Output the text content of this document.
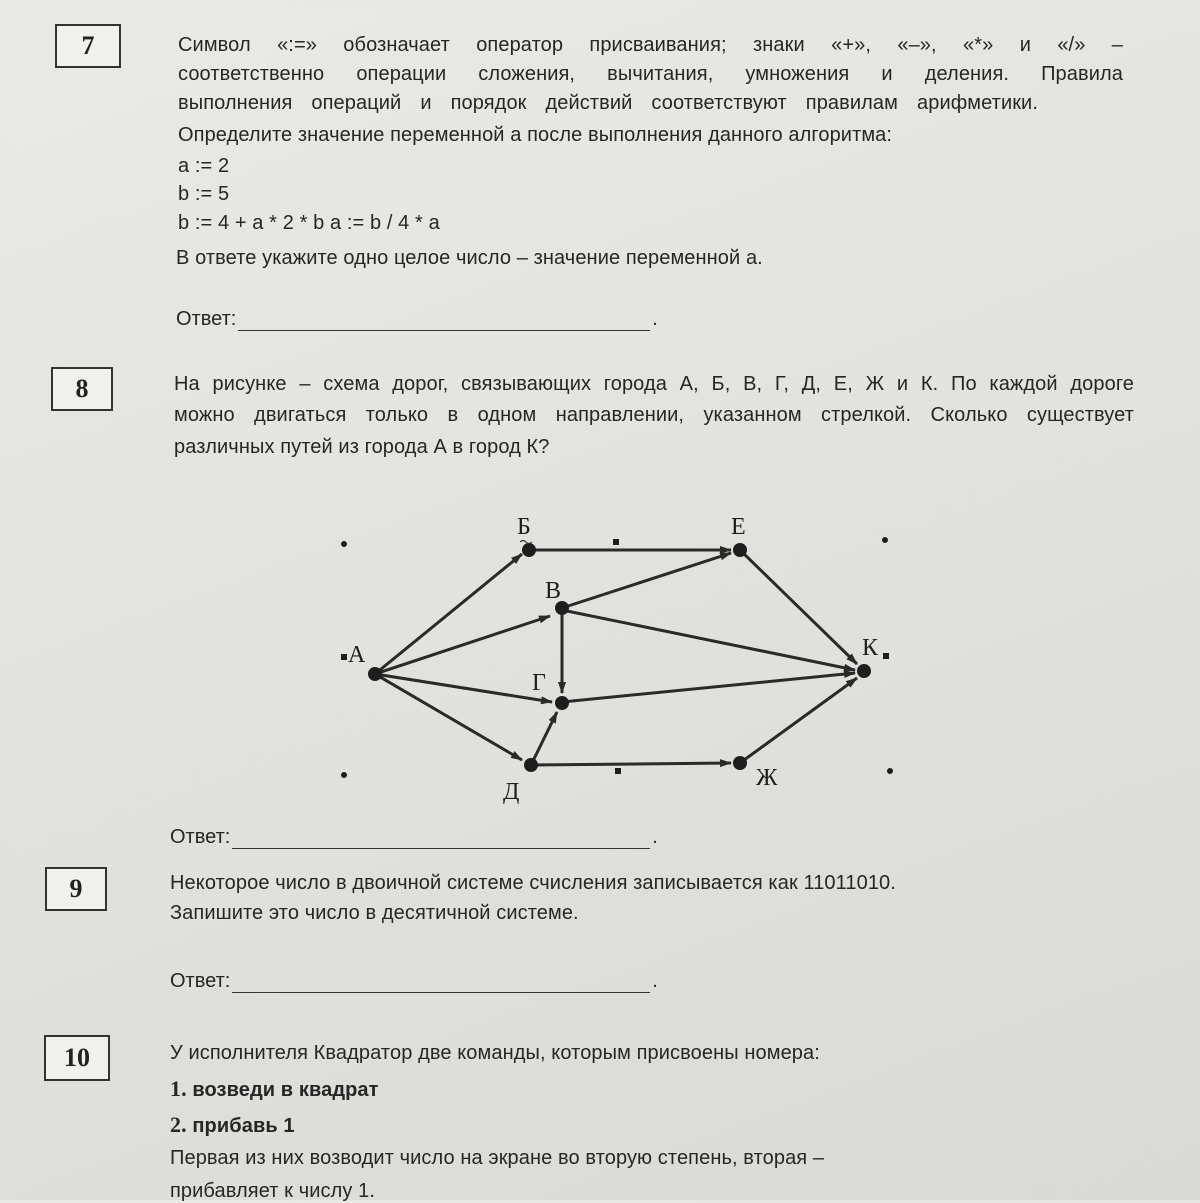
7	Символ «:=» обозначает оператор присваивания; знаки «+», «–», «*» и «/» –
соответственно операции сложения, вычитания, умножения и деления. Правила
выполнения операций и порядок действий соответствуют правилам арифметики.
Определите значение переменной a после выполнения данного алгоритма:
a := 2
b := 5
b := 4 + a * 2 * b a := b / 4 * a
В ответе укажите одно целое число – значение переменной a.
Ответ:	.
8	На рисунке – схема дорог, связывающих города А, Б, В, Г, Д, Е, Ж и К. По каждой дороге
можно двигаться только в одном направлении, указанном стрелкой. Сколько существует
различных путей из города А в город К?
А
Б
В
Г
Д
Е
Ж
К
Ответ:	.
9	Некоторое число в двоичной системе счисления записывается как 11011010.
Запишите это число в десятичной системе.
Ответ:	.
10	У исполнителя Квадратор две команды, которым присвоены номера:
1. возведи в квадрат
2. прибавь 1
Первая из них возводит число на экране во вторую степень, вторая –
прибавляет к числу 1.
